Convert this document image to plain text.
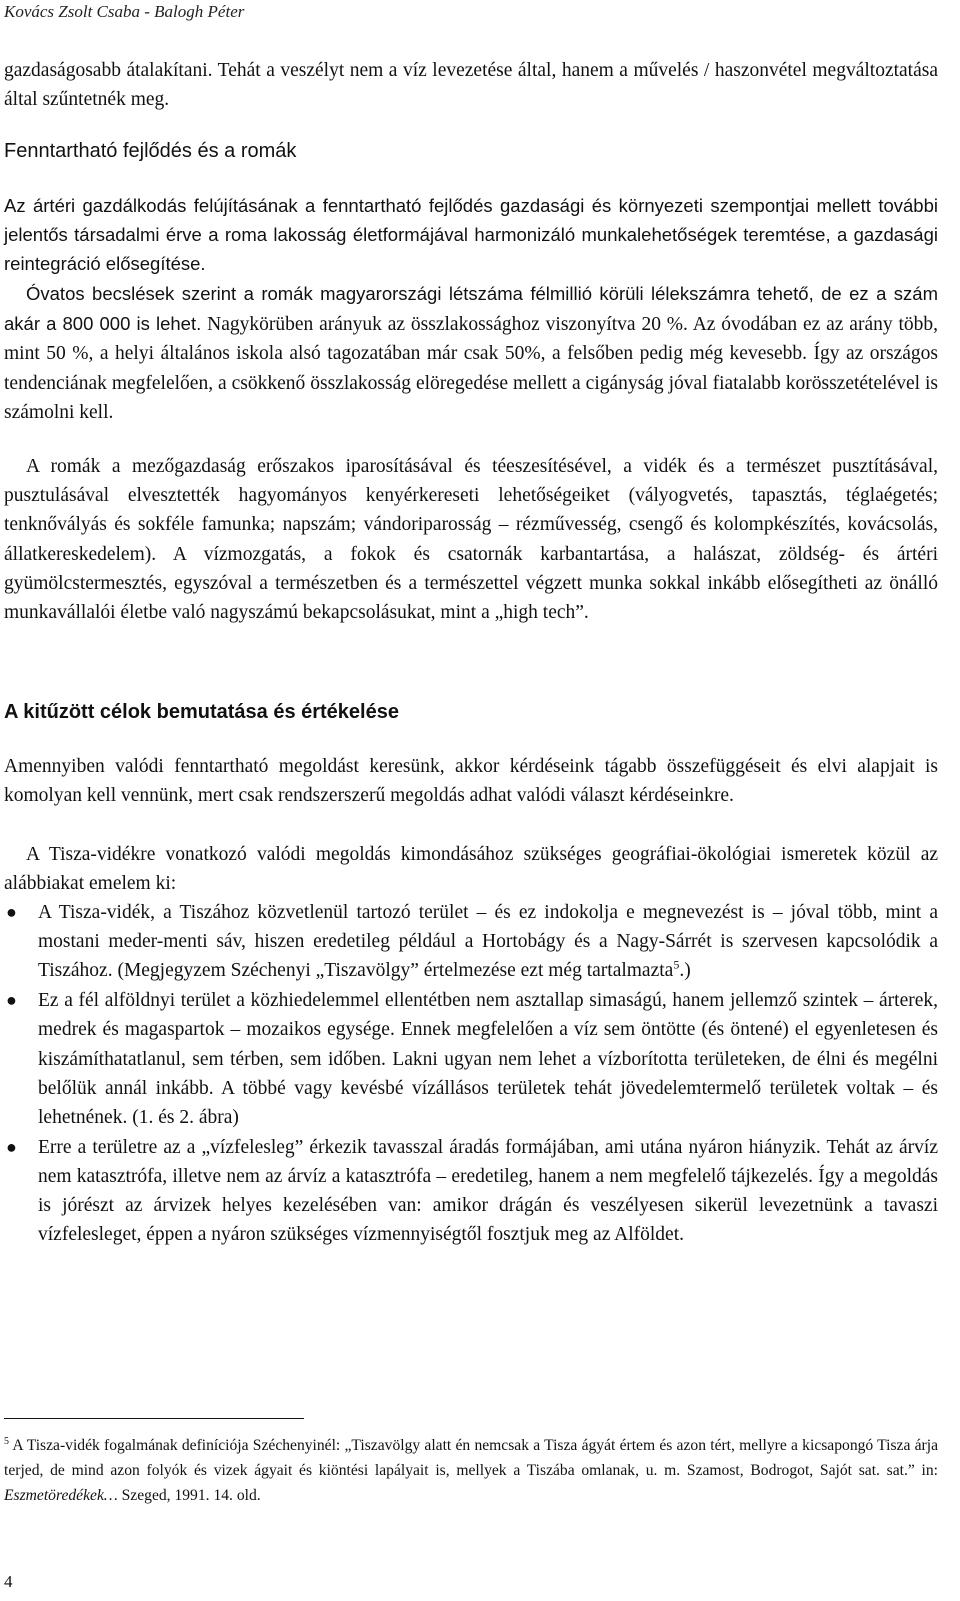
Kovács Zsolt Csaba - Balogh Péter

gazdaságosabb átalakítani. Tehát a veszélyt nem a víz levezetése által, hanem a művelés / haszonvétel megváltoztatása által szűntetnék meg.

Fenntartható fejlődés és a romák

Az ártéri gazdálkodás felújításának a fenntartható fejlődés gazdasági és környezeti szempontjai mellett további jelentős társadalmi érve a roma lakosság életformájával harmonizáló munkalehetőségek teremtése, a gazdasági reintegráció elősegítése.

Óvatos becslések szerint a romák magyarországi létszáma félmillió körüli lélekszámra tehető, de ez a szám akár a 800 000 is lehet. Nagykörüben arányuk az összlakossághoz viszonyítva 20 %. Az óvodában ez az arány több, mint 50 %, a helyi általános iskola alsó tagozatában már csak 50%, a felsőben pedig még kevesebb. Így az országos tendenciának megfelelően, a csökkenő összlakosság elöregedése mellett a cigányság jóval fiatalabb korösszetételével is számolni kell.

A romák a mezőgazdaság erőszakos iparosításával és téeszesítésével, a vidék és a természet pusztításával, pusztulásával elvesztették hagyományos kenyérkereseti lehetőségeiket (vályogvetés, tapasztás, téglaégetés; tenknővályás és sokféle famunka; napszám; vándoriparosság – rézművesség, csengő és kolompkészítés, kovácsolás, állatkereskedelem). A vízmozgatás, a fokok és csatornák karbantartása, a halászat, zöldség- és ártéri gyümölcstermesztés, egyszóval a természetben és a természettel végzett munka sokkal inkább elősegítheti az önálló munkavállalói életbe való nagyszámú bekapcsolásukat, mint a „high tech”.

A kitűzött célok bemutatása és értékelése

Amennyiben valódi fenntartható megoldást keresünk, akkor kérdéseink tágabb összefüggéseit és elvi alapjait is komolyan kell vennünk, mert csak rendszerszerű megoldás adhat valódi választ kérdéseinkre.

A Tisza-vidékre vonatkozó valódi megoldás kimondásához szükséges geográfiai-ökológiai ismeretek közül az alábbiakat emelem ki:

● A Tisza-vidék, a Tiszához közvetlenül tartozó terület – és ez indokolja e megnevezést is – jóval több, mint a mostani meder-menti sáv, hiszen eredetileg például a Hortobágy és a Nagy-Sárrét is szervesen kapcsolódik a Tiszához. (Megjegyzem Széchenyi „Tiszavölgy” értelmezése ezt még tartalmazta$^5$.)
● Ez a fél alföldnyi terület a közhiedelemmel ellentétben nem asztallap simaságú, hanem jellemző szintek – árterek, medrek és magaspartok – mozaikos egysége. Ennek megfelelően a víz sem öntötte (és öntené) el egyenletesen és kiszámíthatatlanul, sem térben, sem időben. Lakni ugyan nem lehet a vízborította területeken, de élni és megélni belőlük annál inkább. A többé vagy kevésbé vízállásos területek tehát jövedelemtermelő területek voltak – és lehetnének. (1. és 2. ábra)
● Erre a területre az a „vízfelesleg” érkezik tavasszal áradás formájában, ami utána nyáron hiányzik. Tehát az árvíz nem katasztrófa, illetve nem az árvíz a katasztrófa – eredetileg, hanem a nem megfelelő tájkezelés. Így a megoldás is jórészt az árvizek helyes kezelésében van: amikor drágán és veszélyesen sikerül levezetnünk a tavaszi vízfelesleget, éppen a nyáron szükséges vízmennyiségtől fosztjuk meg az Alföldet.

$^5$ A Tisza-vidék fogalmának definíciója Széchenyinél: „Tiszavölgy alatt én nemcsak a Tisza ágyát értem és azon tért, mellyre a kicsapongó Tisza árja terjed, de mind azon folyók és vizek ágyait és kiöntési lapályait is, mellyek a Tiszába omlanak, u. m. Szamost, Bodrogot, Sajót sat. sat.” in: Eszmetöredékek… Szeged, 1991. 14. old.

4
